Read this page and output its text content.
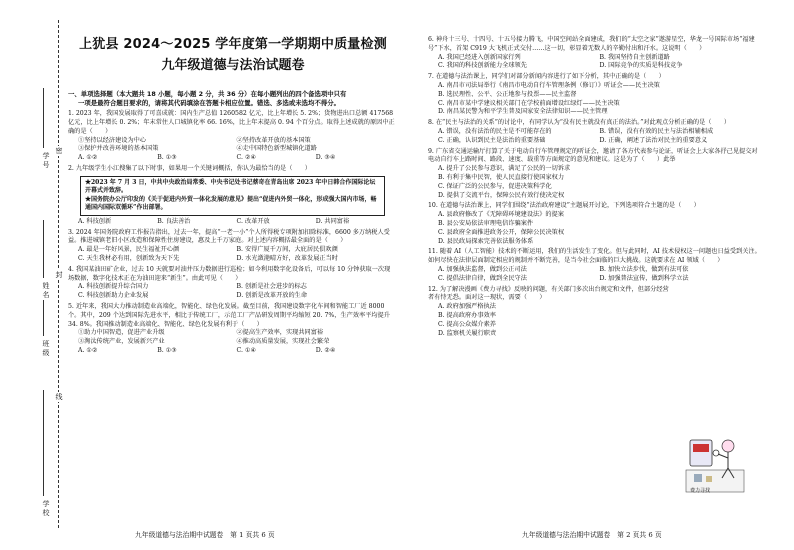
学号
姓名
班级
学校
密
封
线
上犹县 2024～2025 学年度第一学期期中质量检测
九年级道德与法治试题卷

一、单项选择题（本大题共 18 小题，每小题 2 分，共 36 分）在每小题列出的四个备选项中只有

一项是最符合题目要求的，请将其代码填涂在答题卡相应位置。错选、多选或未选均不得分。

1. 2023 年，我国发展取得了可喜成就：国内生产总值 1260582 亿元，比上年增长 5. 2%；货物进出口总额 417568 亿元，比上年增长 0. 2%；年末常住人口城镇化率 66. 16%，比上年末提高 0. 94 个百分点。取得上述成就的原因中正确的是（　　）

①坚持以经济建设为中心	②坚持改革开放的基本国策
③保护并改善环境的基本国策	④走中国特色新型城镇化道路
A. ①②	B. ①③	C. ②④	D. ③④

2. 九年级学生小江搜集了以下时事，如果用一个关键词概括，你认为最恰当的是（　　）

★2023 年 7 月 3 日，中共中央政治局常委、中央书记处书记蔡奇在青岛出席 2023 年中日韩合作国际论坛开幕式并致辞。

★国务院办公厅印发的《关于促进内外贸一体化发展的意见》提出“促进内外贸一体化，形成强大国内市场，畅通国内国际双循环”作出部署。

A. 科技创新	B. 良法善治	C. 改革开放	D. 共同富裕

3. 2024 年国务院政府工作报告指出，过去一年，提高“一老一小”个人所得税专项附加扣除标准，6600 多万纳税人受益。推进城镇老旧小区改造和保障性住房建设，惠及上千万家庭。对上述内容概括最全面的是（　　）

A. 最是一年好风景，民生福祉开心颜	B. 安得广厦千万间，大庇居民俱欢颜
C. 天生我材必有用，创新致为天下先	D. 水光潋滟晴方好，改革发展正当时

4. 我国某油田矿企业，过去 10 天就要对油井压力数据进行巡检；如今利用数字化设备后，可以每 10 分钟获取一次现场数据，数字化技术正在为油田迎来“新生”。由此可见（　　）

A. 科技创新提升综合国力	B. 创新是社会进步的标志
C. 科技创新助力企业发展	D. 创新是改革开放的生命

5. 近年来，我国大力推动制造业高端化，智能化、绿色化发展。截至目前，我国建设数字化车间和智能工厂近 8000 个。其中，209 个达到国际先进水平，相比于传统工厂，示范工厂产品研发周期平均缩短 20. 7%，生产效率平均提升 34. 8%。我国推动制造业高端化、智能化、绿色化发展有利于（　　）

①助力中国智造，促进产业升级	②提高生产效率，实现共同富裕
③淘汰传统产业，发展新兴产业	④推动高质量发展，实现社会繁荣
A. ①②	B. ①③	C. ①④	D. ②④

6. 神舟十三号、十四号、十五号接力腾飞，中国空间站全面建成，我们的“太空之家”遨游星空，华龙一号国际市场“福建号”下水，首架 C919 大飞机正式交付……这一切，彰显着无数人的辛勤付出和汗水。这说明（　　）

A. 我国已经进入创新国家行列	B. 我国坚持自主创新道路
C. 我国的科技创新能力全球领先	D. 国际竞争的实质是科技竞争

7. 在道德与法治课上，同学们对部分新闻内容进行了如下分析，其中正确的是（　　）

A. 南昌市司法局举行《南昌市电动自行车管理条例（修订）》听证会——民主决策

B. 选民理性、公平、公正地参与投票——民主监督

C. 南昌市某中学建议相关部门在学校前面增设红绿灯——民主决策

D. 南昌某民警为和平学生普及国家安全法律知识——民主管理

8. 在“民主与法治的关系”的讨论中，有同学认为“没有民主就没有真正的法治。”对此观点分析正确的是（　　）

A. 错误，没有法治的民主是不可能存在的	B. 错误，没有有效的民主与法治相辅相成
C. 正确，认识到民主是法治的重要基础	D. 正确，阐述了法治对民主的重要意义

9. 广东省交通运输厅打算了关于电动自行车管理规定的听证会，邀请了各方代表参与论证，听证会上大家各抒己见提交对电动自行车上路时间、路段、速度、载重等方面规定的意见和建议。这是为了（　　）此举

A. 提升了公民参与意识，满足了公民的一切诉求

B. 有利于集中民智，使人民直接行使国家权力

C. 保证广泛的公民参与，促进决策科学化

D. 提供了交流平台，保障公民有效行使决定权

10. 在道德与法治课上，同学们围绕“法治政府建设”主题展开讨论，下列选项符合主题的是（　　）

A. 县政府修改了《无障碍环境建设法》的提案

B. 县公安局依法审理电信诈骗案件

C. 县政府全面推进政务公开，保障公民决策权

D. 县民政局探索完善依法服务体系

11. 随着 AI（人工智能）技术的不断运用，我们的生活发生了变化。但与此同时，AI 技术侵权这一问题也日益受到关注。如何尽快在法律层面制定相应的规制并不断完善，是当今社会面临的巨大挑战。这就要求在 AI 领域（　　）

A. 加强执法监督，做到公正司法	B. 加快立法步伐，做到有法可依
C. 提倡法律自律，做到全民守法	D. 加强普法宣传，做到科学立法

12. 为了解决漫画《费力寻找》反映的问题，有关部门多次出台规定和文件，但部分经营者有恃无恐。面对这一现状，需要（　　）

A. 政府加强严格执法

B. 提高政府办事效率

C. 提高公众媒介素养

D. 监察机关履行职责

费力寻找
九年级道德与法治期中试题卷　第 1 页共 6 页	九年级道德与法治期中试题卷　第 2 页共 6 页
